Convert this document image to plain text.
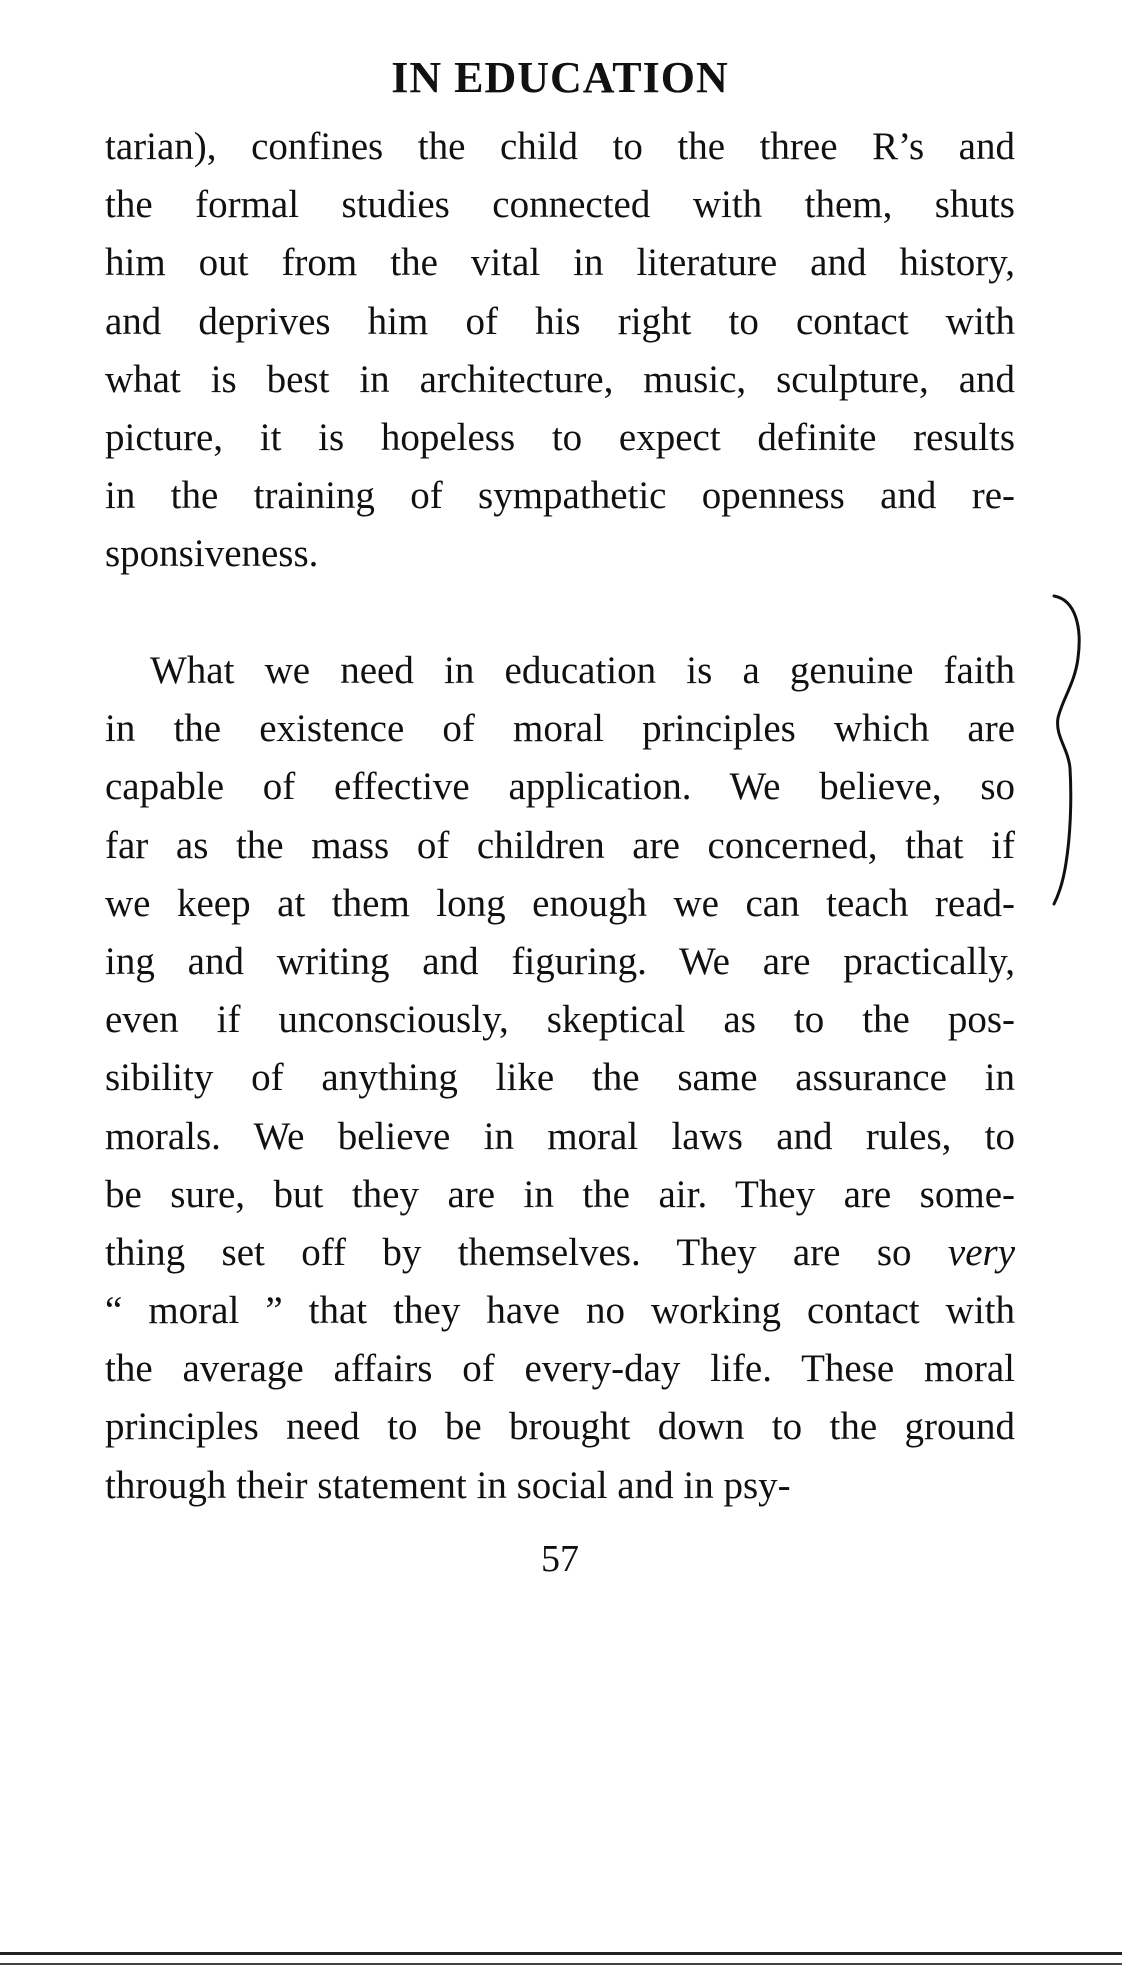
IN EDUCATION
tarian), confines the child to the three R’s and
the formal studies connected with them, shuts
him out from the vital in literature and history,
and deprives him of his right to contact with
what is best in architecture, music, sculpture, and
picture, it is hopeless to expect definite results
in the training of sympathetic openness and re-
sponsiveness.
What we need in education is a genuine faith
in the existence of moral principles which are
capable of effective application. We believe, so
far as the mass of children are concerned, that if
we keep at them long enough we can teach read-
ing and writing and figuring. We are practically,
even if unconsciously, skeptical as to the pos-
sibility of anything like the same assurance in
morals. We believe in moral laws and rules, to
be sure, but they are in the air. They are some-
thing set off by themselves. They are so very
“ moral ” that they have no working contact with
the average affairs of every-day life. These moral
principles need to be brought down to the ground
through their statement in social and in psy-
57
